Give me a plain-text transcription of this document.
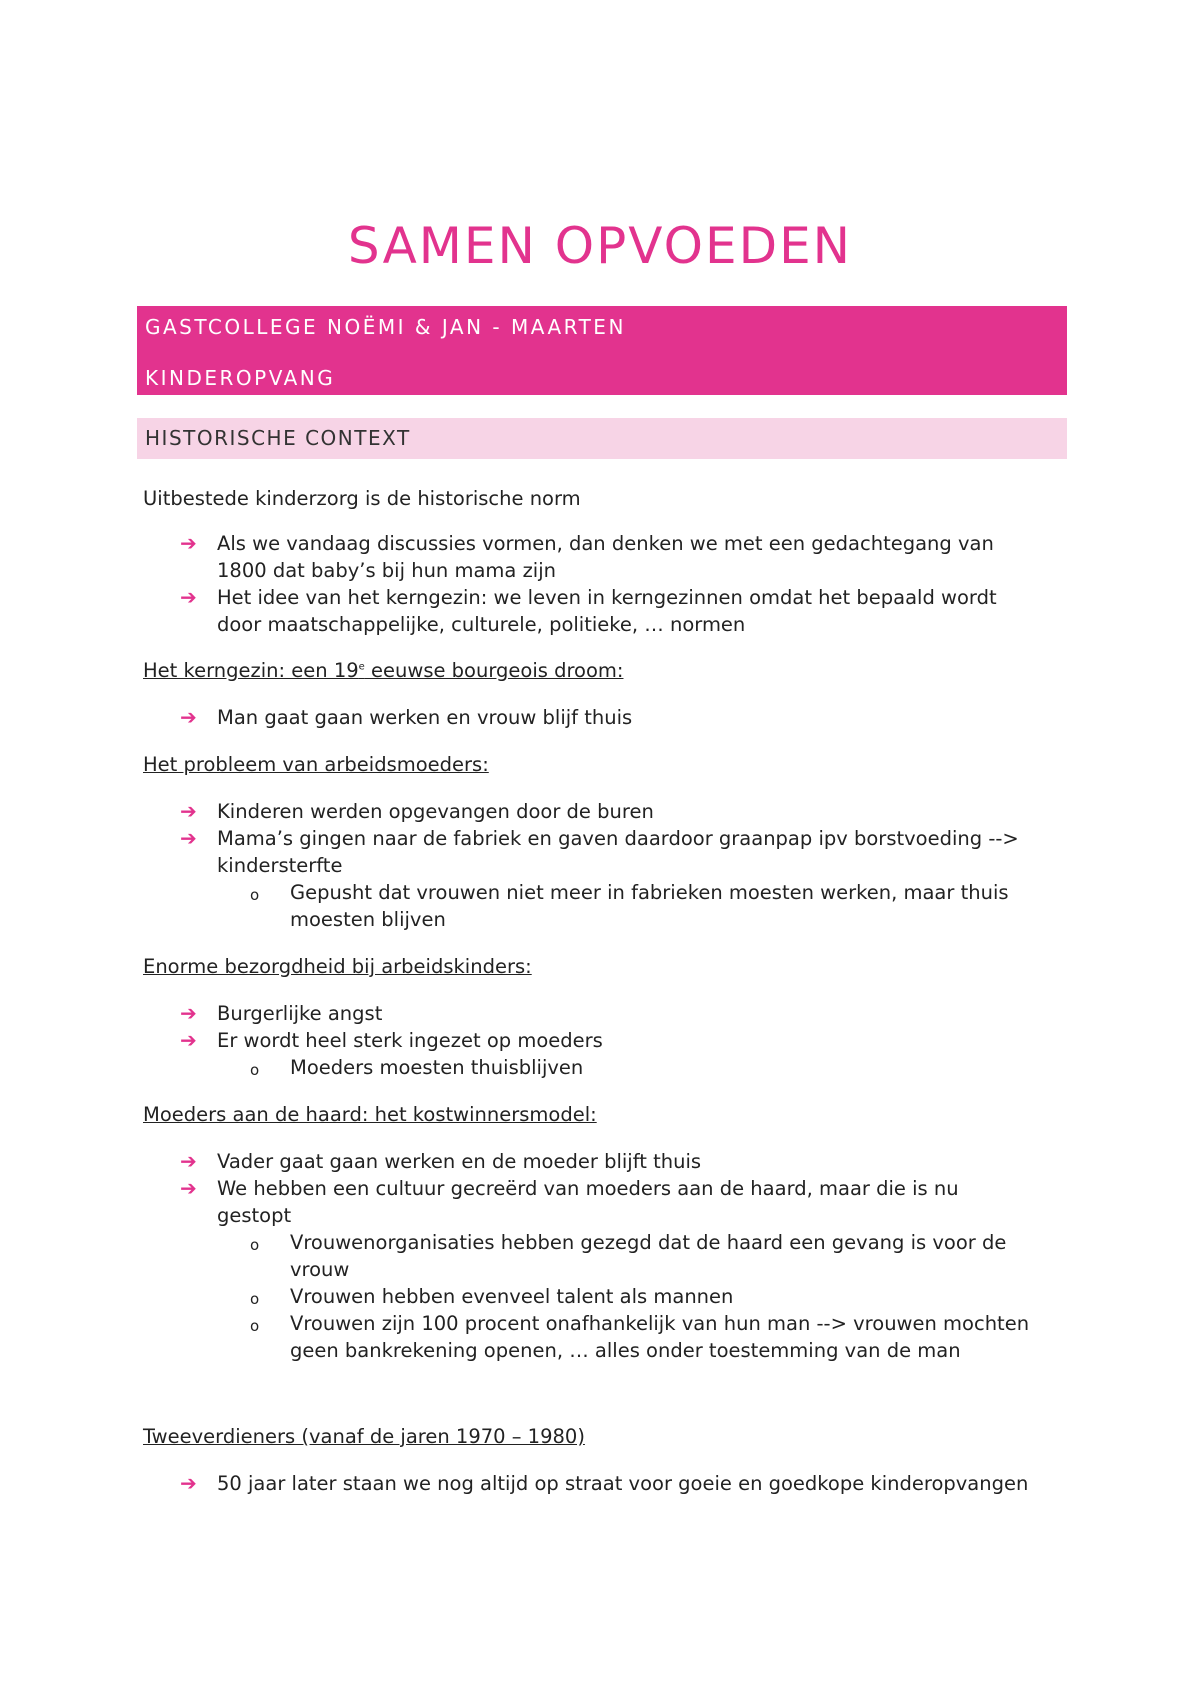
SAMEN OPVOEDEN
GASTCOLLEGE NOËMI & JAN - MAARTEN
KINDEROPVANG
HISTORISCHE CONTEXT
Uitbestede kinderzorg is de historische norm
➔ Als we vandaag discussies vormen, dan denken we met een gedachtegang van
1800 dat baby’s bij hun mama zijn
➔ Het idee van het kerngezin: we leven in kerngezinnen omdat het bepaald wordt
door maatschappelijke, culturele, politieke, … normen
Het kerngezin: een 19e eeuwse bourgeois droom:
➔ Man gaat gaan werken en vrouw blijf thuis
Het probleem van arbeidsmoeders:
➔ Kinderen werden opgevangen door de buren
➔ Mama’s gingen naar de fabriek en gaven daardoor graanpap ipv borstvoeding -->
kindersterfte
o Gepusht dat vrouwen niet meer in fabrieken moesten werken, maar thuis
moesten blijven
Enorme bezorgdheid bij arbeidskinders:
➔ Burgerlijke angst
➔ Er wordt heel sterk ingezet op moeders
o Moeders moesten thuisblijven
Moeders aan de haard: het kostwinnersmodel:
➔ Vader gaat gaan werken en de moeder blijft thuis
➔ We hebben een cultuur gecreërd van moeders aan de haard, maar die is nu
gestopt
o Vrouwenorganisaties hebben gezegd dat de haard een gevang is voor de
vrouw
o Vrouwen hebben evenveel talent als mannen
o Vrouwen zijn 100 procent onafhankelijk van hun man --> vrouwen mochten
geen bankrekening openen, … alles onder toestemming van de man
Tweeverdieners (vanaf de jaren 1970 – 1980)
➔ 50 jaar later staan we nog altijd op straat voor goeie en goedkope kinderopvangen
